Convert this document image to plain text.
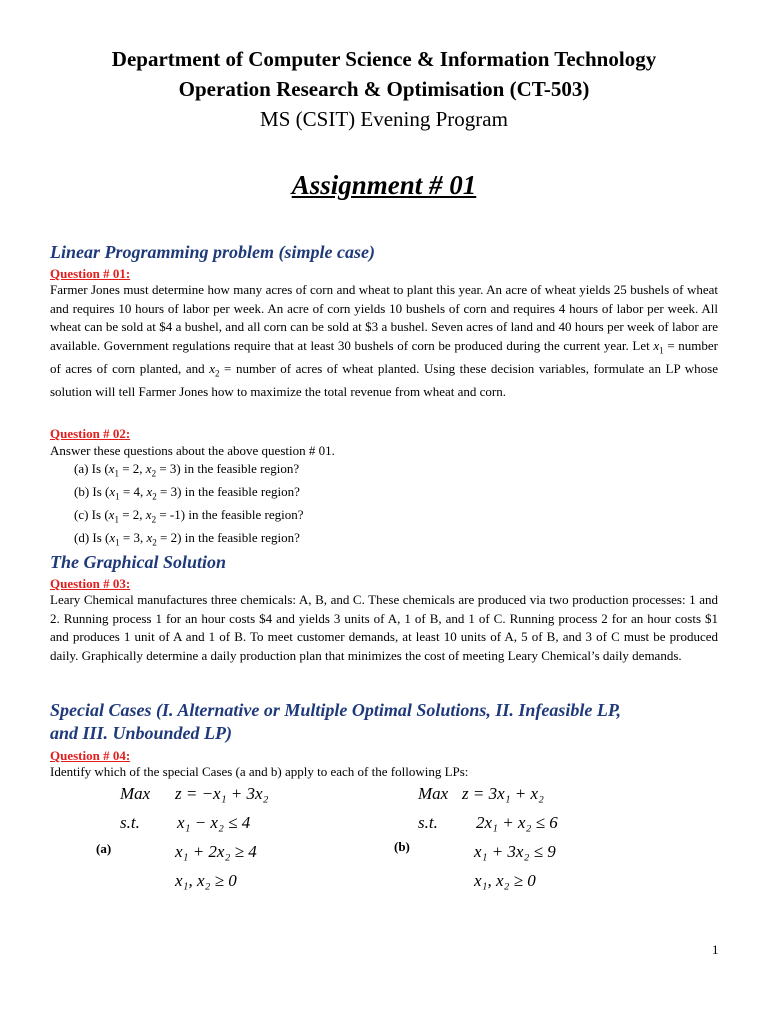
Department of Computer Science & Information Technology
Operation Research & Optimisation (CT-503)
MS (CSIT) Evening Program
Assignment # 01
Linear Programming problem (simple case)
Question # 01:
Farmer Jones must determine how many acres of corn and wheat to plant this year. An acre of wheat yields 25 bushels of wheat and requires 10 hours of labor per week. An acre of corn yields 10 bushels of corn and requires 4 hours of labor per week. All wheat can be sold at $4 a bushel, and all corn can be sold at $3 a bushel. Seven acres of land and 40 hours per week of labor are available. Government regulations require that at least 30 bushels of corn be produced during the current year. Let $x_1$ = number of acres of corn planted, and $x_2$ = number of acres of wheat planted. Using these decision variables, formulate an LP whose solution will tell Farmer Jones how to maximize the total revenue from wheat and corn.
Question # 02:
Answer these questions about the above question # 01.
(a) Is ($x_1 = 2$, $x_2 = 3$) in the feasible region?
(b) Is ($x_1 = 4$, $x_2 = 3$) in the feasible region?
(c) Is ($x_1 = 2$, $x_2 = -1$) in the feasible region?
(d) Is ($x_1 = 3$, $x_2 = 2$) in the feasible region?
The Graphical Solution
Question # 03:
Leary Chemical manufactures three chemicals: A, B, and C. These chemicals are produced via two production processes: 1 and 2. Running process 1 for an hour costs $4 and yields 3 units of A, 1 of B, and 1 of C. Running process 2 for an hour costs $1 and produces 1 unit of A and 1 of B. To meet customer demands, at least 10 units of A, 5 of B, and 3 of C must be produced daily. Graphically determine a daily production plan that minimizes the cost of meeting Leary Chemical’s daily demands.
Special Cases (I. Alternative or Multiple Optimal Solutions, II. Infeasible LP,
and III. Unbounded LP)
Question # 04:
Identify which of the special Cases (a and b) apply to each of the following LPs:
Max z = −x₁ + 3x₂
s.t. x₁ − x₂ ≤ 4
(a)	x₁ + 2x₂ ≥ 4
x₁, x₂ ≥ 0
Max z = 3x₁ + x₂
s.t. 2x₁ + x₂ ≤ 6
(b)	x₁ + 3x₂ ≤ 9
x₁, x₂ ≥ 0
1
